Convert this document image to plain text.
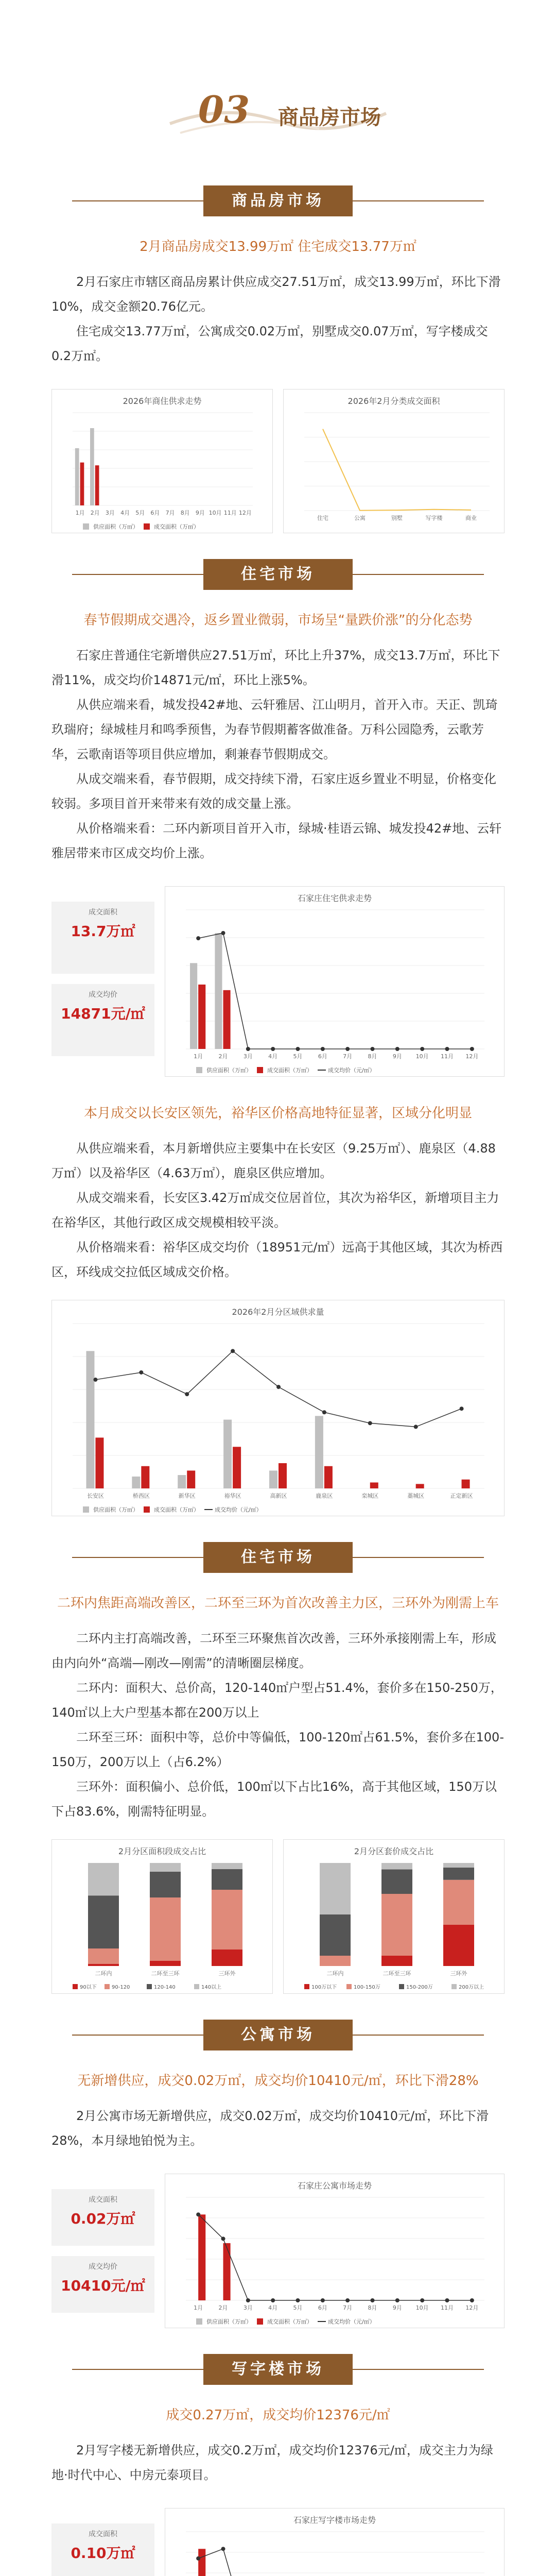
03 商品房市场
商品房市场
2月商品房成交13.99万㎡ 住宅成交13.77万㎡

2月石家庄市辖区商品房累计供应成交27.51万㎡，成交13.99万㎡，环比下滑10%，成交金额20.76亿元。

住宅成交13.77万㎡，公寓成交0.02万㎡，别墅成交0.07万㎡，写字楼成交0.2万㎡。

2026年商住供求走势
1月 2月 3月 4月 5月 6月 7月 8月 9月 10月 11月 12月
供应面积（万㎡）	成交面积（万㎡）
2026年2月分类成交面积
住宅	公寓	别墅	写字楼	商业
住宅市场
春节假期成交遇冷，返乡置业微弱，市场呈“量跌价涨”的分化态势

石家庄普通住宅新增供应27.51万㎡，环比上升37%，成交13.7万㎡，环比下滑11%，成交均价14871元/㎡，环比上涨5%。

从供应端来看，城发投42#地、云轩雅居、江山明月，首开入市。天正、凯琦玖瑞府；绿城桂月和鸣季预售，为春节假期蓄客做准备。万科公园隐秀，云歌芳华，云歌南语等项目供应增加，剩兼春节假期成交。

从成交端来看，春节假期，成交持续下滑，石家庄返乡置业不明显，价格变化较弱。多项目首开来带来有效的成交量上涨。

从价格端来看：二环内新项目首开入市，绿城·桂语云锦、城发投42#地、云轩雅居带来市区成交均价上涨。

成交面积
13.7万㎡
成交均价
14871元/㎡
石家庄住宅供求走势
1月	2月	3月	4月	5月	6月	7月	8月	9月 10月 11月 12月
供应面积（万㎡）	成交面积（万㎡）	成交均价（元/㎡）
本月成交以长安区领先，裕华区价格高地特征显著，区域分化明显

从供应端来看，本月新增供应主要集中在长安区（9.25万㎡）、鹿泉区（4.88万㎡）以及裕华区（4.63万㎡），鹿泉区供应增加。

从成交端来看，长安区3.42万㎡成交位居首位，其次为裕华区，新增项目主力在裕华区，其他行政区成交规模相较平淡。

从价格端来看：裕华区成交均价（18951元/㎡）远高于其他区域，其次为桥西区，环线成交拉低区域成交价格。

2026年2月分区域供求量
长安区	桥西区	新华区	裕华区	高新区	鹿泉区	栾城区	藁城区	正定新区
供应面积（万㎡）	成交面积（万㎡）	成交均价（元/㎡）
住宅市场
二环内焦距高端改善区，二环至三环为首次改善主力区，三环外为刚需上车

二环内主打高端改善，二环至三环聚焦首次改善，三环外承接刚需上车，形成由内向外“高端—刚改—刚需”的清晰圈层梯度。

二环内：面积大、总价高，120-140㎡户型占51.4%，套价多在150-250万，140㎡以上大户型基本都在200万以上

二环至三环：面积中等，总价中等偏低，100-120㎡占61.5%，套价多在100-150万，200万以上（占6.2%）

三环外：面积偏小、总价低，100㎡以下占比16%，高于其他区域，150万以下占83.6%，刚需特征明显。

2月分区面积段成交占比
二环内	二环至三环	三环外
90以下	90-120	120-140	140以上
2月分区套价成交占比
二环内	二环至三环	三环外
100万以下	100-150万	150-200万	200万以上
公寓市场
无新增供应，成交0.02万㎡，成交均价10410元/㎡，环比下滑28%

2月公寓市场无新增供应，成交0.02万㎡，成交均价10410元/㎡，环比下滑28%，本月绿地铂悦为主。

成交面积
0.02万㎡
成交均价
10410元/㎡
石家庄公寓市场走势
1月	2月	3月	4月	5月	6月	7月	8月	9月 10月 11月 12月
供应面积（万㎡）	成交面积（万㎡）	成交均价（元/㎡）
写字楼市场
成交0.27万㎡，成交均价12376元/㎡

2月写字楼无新增供应，成交0.2万㎡，成交均价12376元/㎡，成交主力为绿地·时代中心、中房元泰项目。

成交面积
0.10万㎡
石家庄写字楼市场走势
